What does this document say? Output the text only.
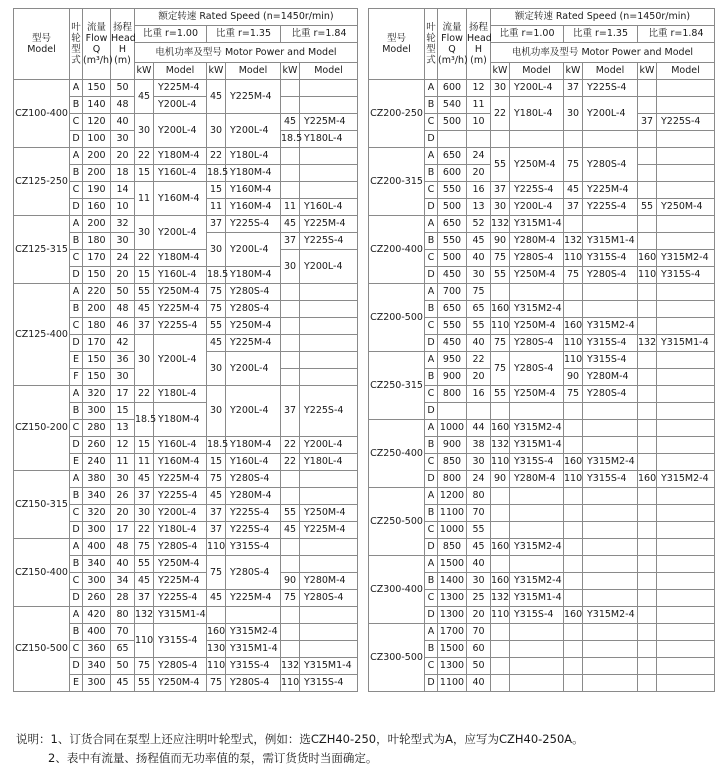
型号
Model	叶轮型式	流量
Flow
Q
(m³/h)	扬程
Head
H
(m)	额定转速 Rated Speed (n=1450r/min)						
				比重 r=1.00		比重 r=1.35		比重 r=1.84		
				电机功率及型号 Motor Power and Model						
				kW	Model	kW	Model	kW	Model	
CZ100-400	A	150	50	45	Y225M-4	45	Y225M-4			
	B	140	48		Y200L-4					
	C	120	40	30	Y200L-4	30	Y200L-4	45	Y225M-4	
	D	100	30					18.5	Y180L-4		
CZ125-250	A	200	20	22	Y180M-4	22	Y180L-4			
	B	200	18	15	Y160L-4	18.5	Y180M-4			
	C	190	14	11	Y160M-4	15	Y160M-4			
	D	160	10			11	Y160M-4	11	Y160L-4	
CZ125-315	A	200	32	30	Y200L-4	37	Y225S-4	45	Y225M-4	
	B	180	30			30	Y200L-4	37	Y225S-4	
	C	170	24	22	Y180M-4			30	Y200L-4	
	D	150	20	15	Y160L-4	18.5	Y180M-4			
CZ125-400	A	220	50	55	Y250M-4	75	Y280S-4			
	B	200	48	45	Y225M-4	75	Y280S-4			
	C	180	46	37	Y225S-4	55	Y250M-4			
	D	170	42	30	Y200L-4	45	Y225M-4			
	E	150	36			30	Y200L-4			
	F	150	30							
CZ150-200	A	320	17	22	Y180L-4	30	Y200L-4	37	Y225S-4	
	B	300	15	18.5	Y180M-4					
	C	280	13							
	D	260	12	15	Y160L-4	18.5	Y180M-4	22	Y200L-4	
	E	240	11	11	Y160M-4	15	Y160L-4	22	Y180L-4	
CZ150-315	A	380	30	45	Y225M-4	75	Y280S-4			
	B	340	26	37	Y225S-4	45	Y280M-4			
	C	320	20	30	Y200L-4	37	Y225S-4	55	Y250M-4	
	D	300	17	22	Y180L-4	37	Y225S-4	45	Y225M-4	
CZ150-400	A	400	48	75	Y280S-4	110	Y315S-4			
	B	340	40	55	Y250M-4	75	Y280S-4			
	C	300	34	45	Y225M-4			90	Y280M-4	
	D	260	28	37	Y225S-4	45	Y225M-4	75	Y280S-4	
CZ150-500	A	420	80	132	Y315M1-4					
	B	400	70	110	Y315S-4	160	Y315M2-4			
	C	360	65			130	Y315M1-4			
	D	340	50	75	Y280S-4	110	Y315S-4	132	Y315M1-4	
	E	300	45	55	Y250M-4	75	Y280S-4	110	Y315S-4	
型号
Model	叶轮型式	流量
Flow
Q
(m³/h)	扬程
Head
H
(m)	额定转速 Rated Speed (n=1450r/min)					
				比重 r=1.00		比重 r=1.35		比重 r=1.84	
				电机功率及型号 Motor Power and Model					
				kW	Model	kW	Model	kW	Model
CZ200-250	A	600	12	30	Y200L-4	37	Y225S-4		
	B	540	11	22	Y180L-4	30	Y200L-4		
	C	500	10					37	Y225S-4
	D								
CZ200-315	A	650	24	55	Y250M-4	75	Y280S-4		
	B	600	20						
	C	550	16	37	Y225S-4	45	Y225M-4		
	D	500	13	30	Y200L-4	37	Y225S-4	55	Y250M-4
CZ200-400	A	650	52	132	Y315M1-4				
	B	550	45	90	Y280M-4	132	Y315M1-4		
	C	500	40	75	Y280S-4	110	Y315S-4	160	Y315M2-4
	D	450	30	55	Y250M-4	75	Y280S-4	110	Y315S-4
CZ200-500	A	700	75						
	B	650	65	160	Y315M2-4				
	C	550	55	110	Y250M-4	160	Y315M2-4		
	D	450	40	75	Y280S-4	110	Y315S-4	132	Y315M1-4
CZ250-315	A	950	22	75	Y280S-4	110	Y315S-4		
	B	900	20			90	Y280M-4		
	C	800	16	55	Y250M-4	75	Y280S-4		
	D								
CZ250-400	A	1000	44	160	Y315M2-4				
	B	900	38	132	Y315M1-4				
	C	850	30	110	Y315S-4	160	Y315M2-4		
	D	800	24	90	Y280M-4	110	Y315S-4	160	Y315M2-4
CZ250-500	A	1200	80						
	B	1100	70						
	C	1000	55						
	D	850	45	160	Y315M2-4				
CZ300-400	A	1500	40						
	B	1400	30	160	Y315M2-4				
	C	1300	25	132	Y315M1-4				
	D	1300	20	110	Y315S-4	160	Y315M2-4		
CZ300-500	A	1700	70						
	B	1500	60						
	C	1300	50						
	D	1100	40						
说明：1、订货合同在泵型上还应注明叶轮型式，例如：选CZH40-250，叶轮型式为A，应写为CZH40-250A。
2、表中有流量、扬程值而无功率值的泵，需订货货时当面确定。
